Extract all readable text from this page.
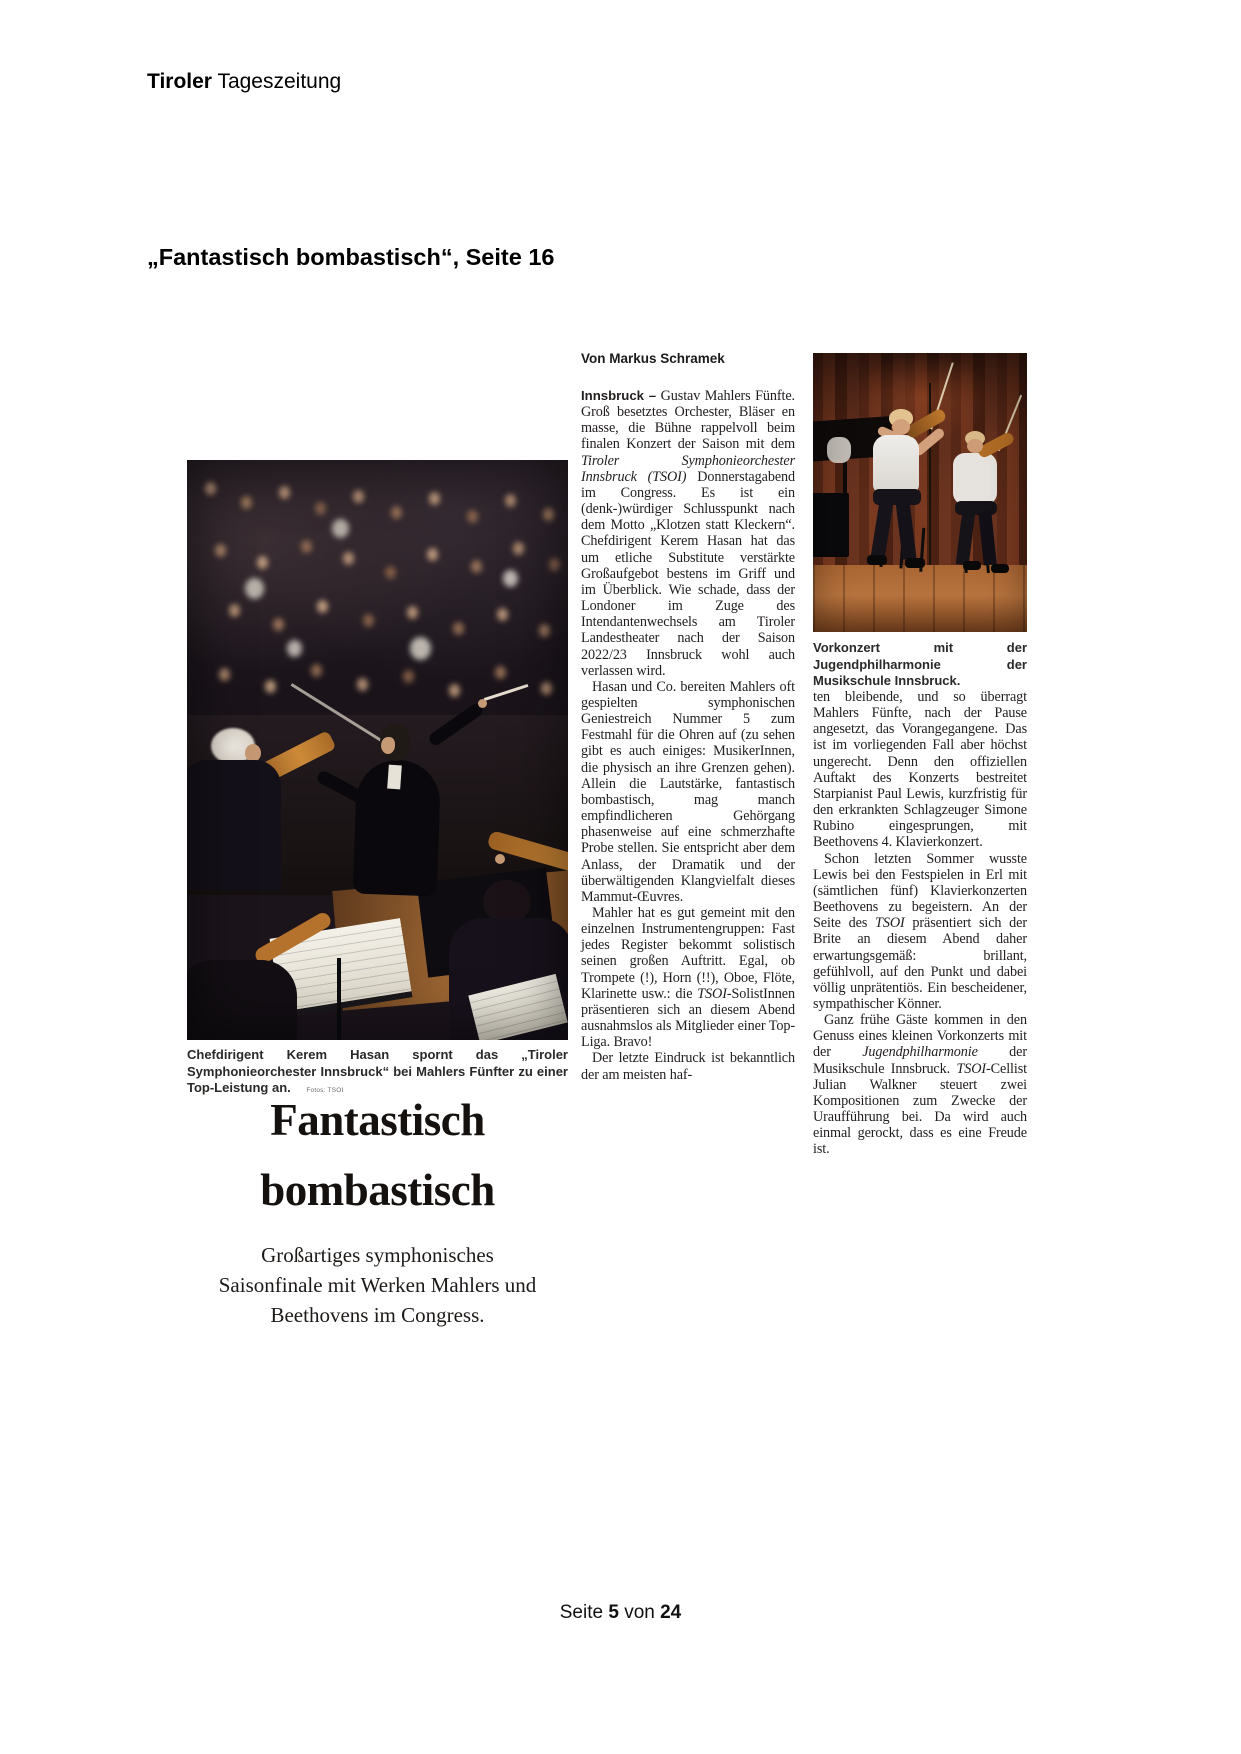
Tiroler Tageszeitung
„Fantastisch bombastisch“, Seite 16
Chefdirigent Kerem Hasan spornt das „Tiroler Symphonieorchester Innsbruck“ bei Mahlers Fünfter zu einer Top-Leistung an. Fotos: TSOI
Fantastisch bombastisch
Großartiges symphonisches Saisonfinale mit Werken Mahlers und Beethovens im Congress.
Von Markus Schramek

Innsbruck – Gustav Mahlers Fünfte. Groß besetztes Orchester, Bläser en masse, die Bühne rappelvoll beim finalen Konzert der Saison mit dem Tiroler Symphonieorchester Innsbruck (TSOI) Donnerstagabend im Congress. Es ist ein (denk-)würdiger Schlusspunkt nach dem Motto „Klotzen statt Kleckern“. Chefdirigent Kerem Hasan hat das um etliche Substitute verstärkte Großaufgebot bestens im Griff und im Überblick. Wie schade, dass der Londoner im Zuge des Intendantenwechsels am Tiroler Landestheater nach der Saison 2022/23 Innsbruck wohl auch verlassen wird.

Hasan und Co. bereiten Mahlers oft gespielten symphonischen Geniestreich Nummer 5 zum Festmahl für die Ohren auf (zu sehen gibt es auch einiges: MusikerInnen, die physisch an ihre Grenzen gehen). Allein die Lautstärke, fantastisch bombastisch, mag manch empfindlicheren Gehörgang phasenweise auf eine schmerzhafte Probe stellen. Sie entspricht aber dem Anlass, der Dramatik und der überwältigenden Klangvielfalt dieses Mammut-Œuvres.

Mahler hat es gut gemeint mit den einzelnen Instrumentengruppen: Fast jedes Register bekommt solistisch seinen großen Auftritt. Egal, ob Trompete (!), Horn (!!), Oboe, Flöte, Klarinette usw.: die TSOI-SolistInnen präsentieren sich an diesem Abend ausnahmslos als Mitglieder einer Top-Liga. Bravo!

Der letzte Eindruck ist bekanntlich der am meisten haf-

Vorkonzert mit der Jugendphilharmonie der Musikschule Innsbruck.

ten bleibende, und so überragt Mahlers Fünfte, nach der Pause angesetzt, das Vorangegangene. Das ist im vorliegenden Fall aber höchst ungerecht. Denn den offiziellen Auftakt des Konzerts bestreitet Starpianist Paul Lewis, kurzfristig für den erkrankten Schlagzeuger Simone Rubino eingesprungen, mit Beethovens 4. Klavierkonzert.

Schon letzten Sommer wusste Lewis bei den Festspielen in Erl mit (sämtlichen fünf) Klavierkonzerten Beethovens zu begeistern. An der Seite des TSOI präsentiert sich der Brite an diesem Abend daher erwartungsgemäß: brillant, gefühlvoll, auf den Punkt und dabei völlig unprätentiös. Ein bescheidener, sympathischer Könner.

Ganz frühe Gäste kommen in den Genuss eines kleinen Vorkonzerts mit der Jugendphilharmonie der Musikschule Innsbruck. TSOI-Cellist Julian Walkner steuert zwei Kompositionen zum Zwecke der Uraufführung bei. Da wird auch einmal gerockt, dass es eine Freude ist.

Seite 5 von 24
